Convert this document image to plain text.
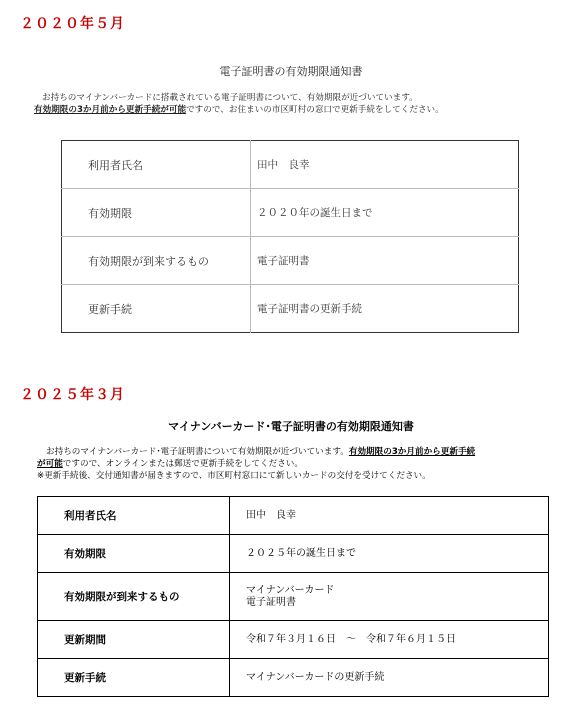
２０２０年５月
電子証明書の有効期限通知書
お持ちのマイナンバーカードに搭載されている電子証明書について、有効期限が近づいています。
有効期限の3か月前から更新手続が可能ですので、お住まいの市区町村の窓口で更新手続をしてください。
利用者氏名	田中　良幸
有効期限	２０２０年の誕生日まで
有効期限が到来するもの	電子証明書
更新手続	電子証明書の更新手続
２０２５年３月
マイナンバーカード･電子証明書の有効期限通知書
お持ちのマイナンバーカード･電子証明書について有効期限が近づいています。有効期限の3か月前から更新手続
が可能ですので、オンラインまたは郵送で更新手続をしてください。
※更新手続後、交付通知書が届きますので、市区町村窓口にて新しいカードの交付を受けてください。
利用者氏名	田中　良幸
有効期限	２０２５年の誕生日まで
有効期限が到来するもの	マイナンバーカード
電子証明書

更新期間	令和７年３月１６日　～　令和７年６月１５日
更新手続	マイナンバーカードの更新手続
